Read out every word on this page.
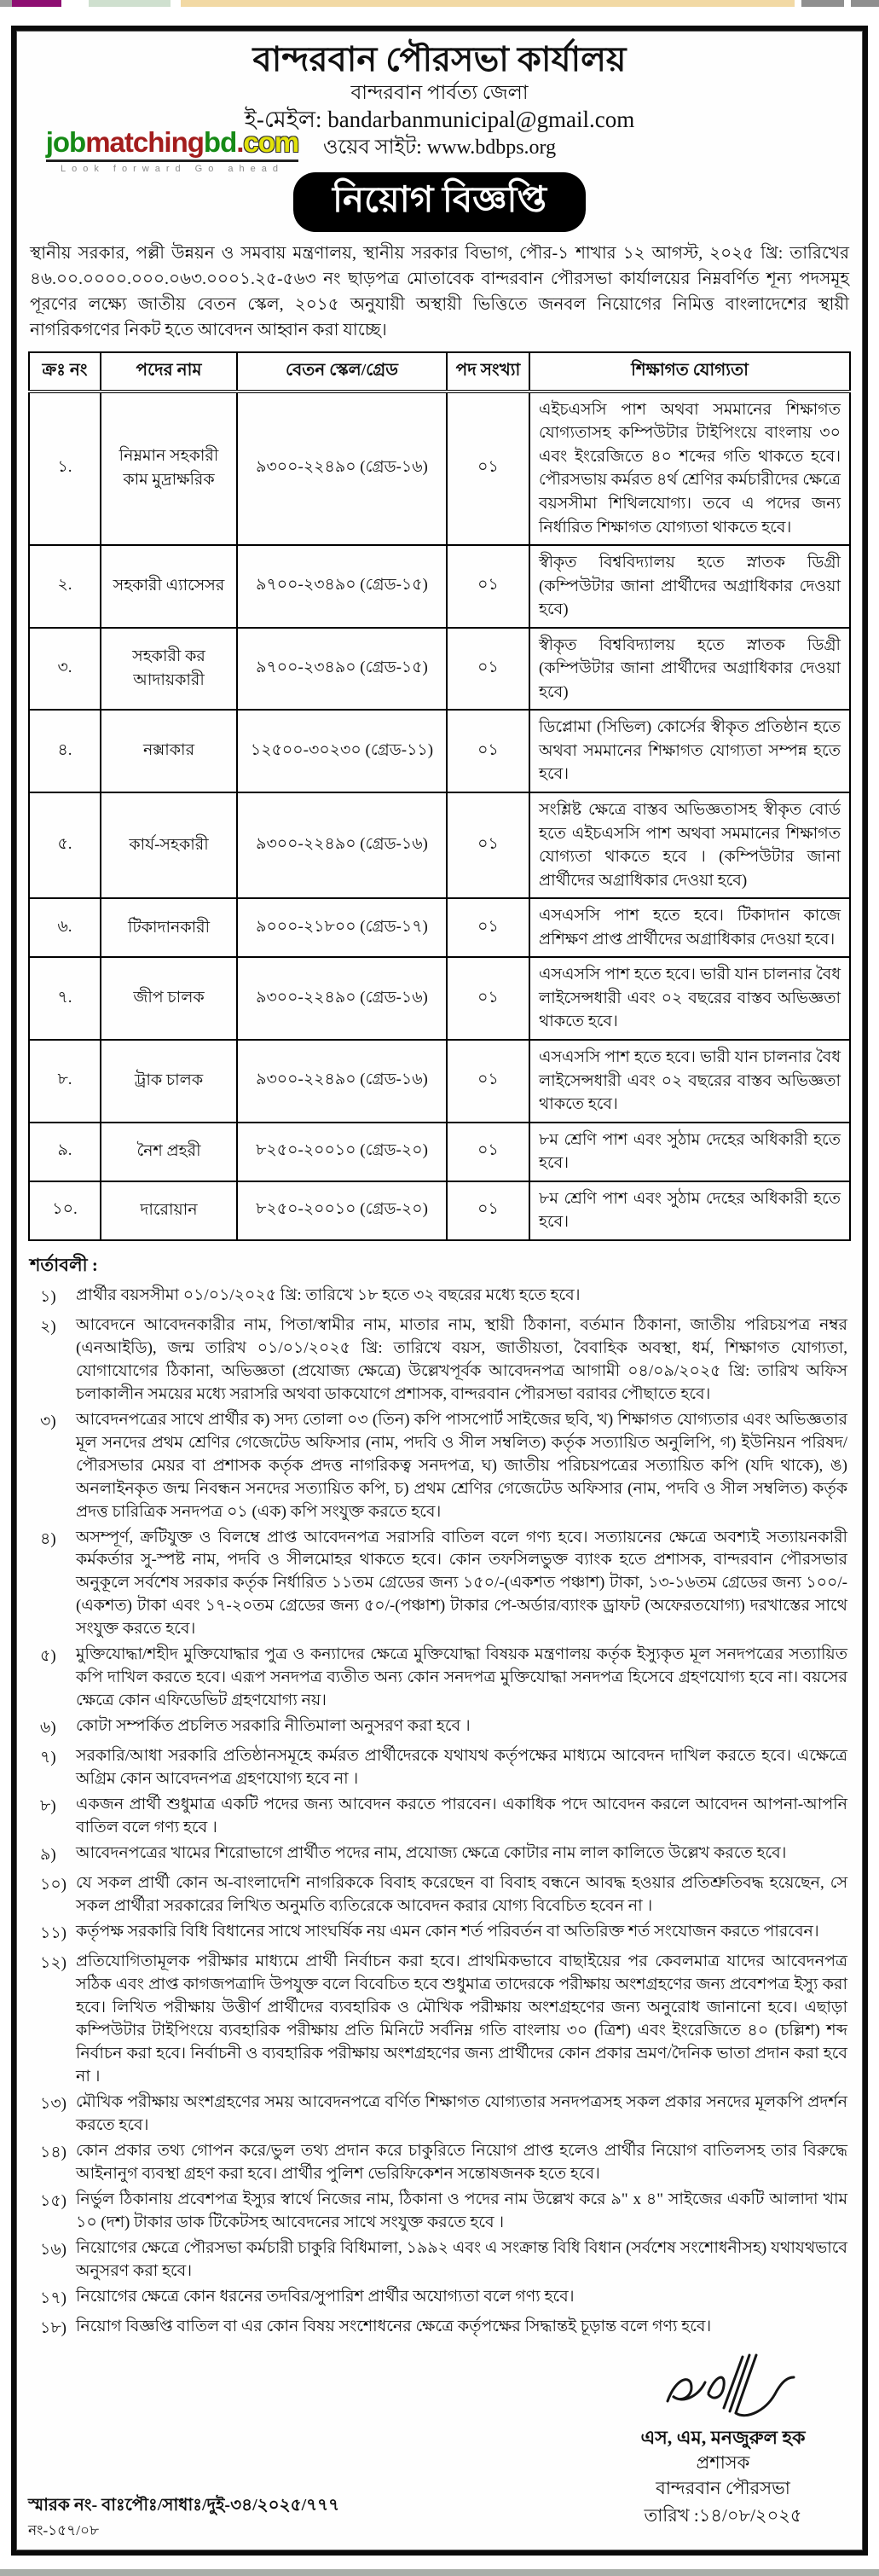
বান্দরবান পৌরসভা কার্যালয়
বান্দরবান পার্বত্য জেলা
ই-মেইল: bandarbanmunicipal@gmail.com
ওয়েব সাইট: www.bdbps.org
jobmatchingbd.com
Look forward Go ahead
নিয়োগ বিজ্ঞপ্তি

স্থানীয় সরকার, পল্লী উন্নয়ন ও সমবায় মন্ত্রণালয়, স্থানীয় সরকার বিভাগ, পৌর-১ শাখার ১২ আগস্ট, ২০২৫ খ্রি: তারিখের ৪৬.০০.০০০০.০০০.০৬৩.০০০১.২৫-৫৬৩ নং ছাড়পত্র মোতাবেক বান্দরবান পৌরসভা কার্যালয়ের নিম্নবর্ণিত শূন্য পদসমূহ পূরণের লক্ষ্যে জাতীয় বেতন স্কেল, ২০১৫ অনুযায়ী অস্থায়ী ভিত্তিতে জনবল নিয়োগের নিমিত্ত বাংলাদেশের স্থায়ী নাগরিকগণের নিকট হতে আবেদন আহ্বান করা যাচ্ছে।

ক্রঃ নং	পদের নাম	বেতন স্কেল/গ্রেড	পদ সংখ্যা	শিক্ষাগত যোগ্যতা
১.	নিম্নমান সহকারী কাম মুদ্রাক্ষরিক	৯৩০০-২২৪৯০ (গ্রেড-১৬)	০১	এইচএসসি পাশ অথবা সমমানের শিক্ষাগত যোগ্যতাসহ কম্পিউটার টাইপিংয়ে বাংলায় ৩০ এবং ইংরেজিতে ৪০ শব্দের গতি থাকতে হবে। পৌরসভায় কর্মরত ৪র্থ শ্রেণির কর্মচারীদের ক্ষেত্রে বয়সসীমা শিথিলযোগ্য। তবে এ পদের জন্য নির্ধারিত শিক্ষাগত যোগ্যতা থাকতে হবে।
২.	সহকারী এ্যাসেসর	৯৭০০-২৩৪৯০ (গ্রেড-১৫)	০১	স্বীকৃত বিশ্ববিদ্যালয় হতে স্নাতক ডিগ্রী (কম্পিউটার জানা প্রার্থীদের অগ্রাধিকার দেওয়া হবে)
৩.	সহকারী কর আদায়কারী	৯৭০০-২৩৪৯০ (গ্রেড-১৫)	০১	স্বীকৃত বিশ্ববিদ্যালয় হতে স্নাতক ডিগ্রী (কম্পিউটার জানা প্রার্থীদের অগ্রাধিকার দেওয়া হবে)
৪.	নক্সাকার	১২৫০০-৩০২৩০ (গ্রেড-১১)	০১	ডিপ্লোমা (সিভিল) কোর্সের স্বীকৃত প্রতিষ্ঠান হতে অথবা সমমানের শিক্ষাগত যোগ্যতা সম্পন্ন হতে হবে।
৫.	কার্য-সহকারী	৯৩০০-২২৪৯০ (গ্রেড-১৬)	০১	সংশ্লিষ্ট ক্ষেত্রে বাস্তব অভিজ্ঞতাসহ স্বীকৃত বোর্ড হতে এইচএসসি পাশ অথবা সমমানের শিক্ষাগত যোগ্যতা থাকতে হবে । (কম্পিউটার জানা প্রার্থীদের অগ্রাধিকার দেওয়া হবে)
৬.	টিকাদানকারী	৯০০০-২১৮০০ (গ্রেড-১৭)	০১	এসএসসি পাশ হতে হবে। টিকাদান কাজে প্রশিক্ষণ প্রাপ্ত প্রার্থীদের অগ্রাধিকার দেওয়া হবে।
৭.	জীপ চালক	৯৩০০-২২৪৯০ (গ্রেড-১৬)	০১	এসএসসি পাশ হতে হবে। ভারী যান চালনার বৈধ লাইসেন্সধারী এবং ০২ বছরের বাস্তব অভিজ্ঞতা থাকতে হবে।
৮.	ট্রাক চালক	৯৩০০-২২৪৯০ (গ্রেড-১৬)	০১	এসএসসি পাশ হতে হবে। ভারী যান চালনার বৈধ লাইসেন্সধারী এবং ০২ বছরের বাস্তব অভিজ্ঞতা থাকতে হবে।
৯.	নৈশ প্রহরী	৮২৫০-২০০১০ (গ্রেড-২০)	০১	৮ম শ্রেণি পাশ এবং সুঠাম দেহের অধিকারী হতে হবে।
১০.	দারোয়ান	৮২৫০-২০০১০ (গ্রেড-২০)	০১	৮ম শ্রেণি পাশ এবং সুঠাম দেহের অধিকারী হতে হবে।
শর্তাবলী :
১)	প্রার্থীর বয়সসীমা ০১/০১/২০২৫ খ্রি: তারিখে ১৮ হতে ৩২ বছরের মধ্যে হতে হবে।
২)	আবেদনে আবেদনকারীর নাম, পিতা/স্বামীর নাম, মাতার নাম, স্থায়ী ঠিকানা, বর্তমান ঠিকানা, জাতীয় পরিচয়পত্র নম্বর (এনআইডি), জন্ম তারিখ ০১/০১/২০২৫ খ্রি: তারিখে বয়স, জাতীয়তা, বৈবাহিক অবস্থা, ধর্ম, শিক্ষাগত যোগ্যতা, যোগাযোগের ঠিকানা, অভিজ্ঞতা (প্রযোজ্য ক্ষেত্রে) উল্লেখপূর্বক আবেদনপত্র আগামী ০৪/০৯/২০২৫ খ্রি: তারিখ অফিস চলাকালীন সময়ের মধ্যে সরাসরি অথবা ডাকযোগে প্রশাসক, বান্দরবান পৌরসভা বরাবর পৌছাতে হবে।
৩)	আবেদনপত্রের সাথে প্রার্থীর ক) সদ্য তোলা ০৩ (তিন) কপি পাসপোর্ট সাইজের ছবি, খ) শিক্ষাগত যোগ্যতার এবং অভিজ্ঞতার মূল সনদের প্রথম শ্রেণির গেজেটেড অফিসার (নাম, পদবি ও সীল সম্বলিত) কর্তৃক সত্যায়িত অনুলিপি, গ) ইউনিয়ন পরিষদ/পৌরসভার মেয়র বা প্রশাসক কর্তৃক প্রদত্ত নাগরিকত্ব সনদপত্র, ঘ) জাতীয় পরিচয়পত্রের সত্যায়িত কপি (যদি থাকে), ঙ) অনলাইনকৃত জন্ম নিবন্ধন সনদের সত্যায়িত কপি, চ) প্রথম শ্রেণির গেজেটেড অফিসার (নাম, পদবি ও সীল সম্বলিত) কর্তৃক প্রদত্ত চারিত্রিক সনদপত্র ০১ (এক) কপি সংযুক্ত করতে হবে।
৪)	অসম্পূর্ণ, ক্রটিযুক্ত ও বিলম্বে প্রাপ্ত আবেদনপত্র সরাসরি বাতিল বলে গণ্য হবে। সত্যায়নের ক্ষেত্রে অবশ্যই সত্যায়নকারী কর্মকর্তার সু-স্পষ্ট নাম, পদবি ও সীলমোহর থাকতে হবে। কোন তফসিলভুক্ত ব্যাংক হতে প্রশাসক, বান্দরবান পৌরসভার অনুকূলে সর্বশেষ সরকার কর্তৃক নির্ধারিত ১১তম গ্রেডের জন্য ১৫০/-(একশত পঞ্চাশ) টাকা, ১৩-১৬তম গ্রেডের জন্য ১০০/-(একশত) টাকা এবং ১৭-২০তম গ্রেডের জন্য ৫০/-(পঞ্চাশ) টাকার পে-অর্ডার/ব্যাংক ড্রাফট (অফেরতযোগ্য) দরখাস্তের সাথে সংযুক্ত করতে হবে।
৫)	মুক্তিযোদ্ধা/শহীদ মুক্তিযোদ্ধার পুত্র ও কন্যাদের ক্ষেত্রে মুক্তিযোদ্ধা বিষয়ক মন্ত্রণালয় কর্তৃক ইস্যুকৃত মূল সনদপত্রের সত্যায়িত কপি দাখিল করতে হবে। এরূপ সনদপত্র ব্যতীত অন্য কোন সনদপত্র মুক্তিযোদ্ধা সনদপত্র হিসেবে গ্রহণযোগ্য হবে না। বয়সের ক্ষেত্রে কোন এফিডেভিট গ্রহণযোগ্য নয়।
৬)	কোটা সম্পর্কিত প্রচলিত সরকারি নীতিমালা অনুসরণ করা হবে ।
৭)	সরকারি/আধা সরকারি প্রতিষ্ঠানসমূহে কর্মরত প্রার্থীদেরকে যথাযথ কর্তৃপক্ষের মাধ্যমে আবেদন দাখিল করতে হবে। এক্ষেত্রে অগ্রিম কোন আবেদনপত্র গ্রহণযোগ্য হবে না ।
৮)	একজন প্রার্থী শুধুমাত্র একটি পদের জন্য আবেদন করতে পারবেন। একাধিক পদে আবেদন করলে আবেদন আপনা-আপনি বাতিল বলে গণ্য হবে ।
৯)	আবেদনপত্রের খামের শিরোভাগে প্রার্থীত পদের নাম, প্রযোজ্য ক্ষেত্রে কোটার নাম লাল কালিতে উল্লেখ করতে হবে।
১০) যে সকল প্রার্থী কোন অ-বাংলাদেশি নাগরিককে বিবাহ করেছেন বা বিবাহ বন্ধনে আবদ্ধ হওয়ার প্রতিশ্রুতিবদ্ধ হয়েছেন, সে সকল প্রার্থীরা সরকারের লিখিত অনুমতি ব্যতিরেকে আবেদন করার যোগ্য বিবেচিত হবেন না ।
১১) কর্তৃপক্ষ সরকারি বিধি বিধানের সাথে সাংঘর্ষিক নয় এমন কোন শর্ত পরিবর্তন বা অতিরিক্ত শর্ত সংযোজন করতে পারবেন।
১২) প্রতিযোগিতামূলক পরীক্ষার মাধ্যমে প্রার্থী নির্বাচন করা হবে। প্রাথমিকভাবে বাছাইয়ের পর কেবলমাত্র যাদের আবেদনপত্র সঠিক এবং প্রাপ্ত কাগজপত্রাদি উপযুক্ত বলে বিবেচিত হবে শুধুমাত্র তাদেরকে পরীক্ষায় অংশগ্রহণের জন্য প্রবেশপত্র ইস্যু করা হবে। লিখিত পরীক্ষায় উত্তীর্ণ প্রার্থীদের ব্যবহারিক ও মৌখিক পরীক্ষায় অংশগ্রহণের জন্য অনুরোধ জানানো হবে। এছাড়া কম্পিউটার টাইপিংয়ে ব্যবহারিক পরীক্ষায় প্রতি মিনিটে সর্বনিম্ন গতি বাংলায় ৩০ (ত্রিশ) এবং ইংরেজিতে ৪০ (চল্লিশ) শব্দ নির্বাচন করা হবে। নির্বাচনী ও ব্যবহারিক পরীক্ষায় অংশগ্রহণের জন্য প্রার্থীদের কোন প্রকার ভ্রমণ/দৈনিক ভাতা প্রদান করা হবে না ।
১৩) মৌখিক পরীক্ষায় অংশগ্রহণের সময় আবেদনপত্রে বর্ণিত শিক্ষাগত যোগ্যতার সনদপত্রসহ সকল প্রকার সনদের মূলকপি প্রদর্শন করতে হবে।
১৪) কোন প্রকার তথ্য গোপন করে/ভুল তথ্য প্রদান করে চাকুরিতে নিয়োগ প্রাপ্ত হলেও প্রার্থীর নিয়োগ বাতিলসহ তার বিরুদ্ধে আইনানুগ ব্যবস্থা গ্রহণ করা হবে। প্রার্থীর পুলিশ ভেরিফিকেশন সন্তোষজনক হতে হবে।
১৫) নির্ভুল ঠিকানায় প্রবেশপত্র ইস্যুর স্বার্থে নিজের নাম, ঠিকানা ও পদের নাম উল্লেখ করে ৯" x ৪" সাইজের একটি আলাদা খাম ১০ (দশ) টাকার ডাক টিকেটসহ আবেদনের সাথে সংযুক্ত করতে হবে ।
১৬) নিয়োগের ক্ষেত্রে পৌরসভা কর্মচারী চাকুরি বিধিমালা, ১৯৯২ এবং এ সংক্রান্ত বিধি বিধান (সর্বশেষ সংশোধনীসহ) যথাযথভাবে অনুসরণ করা হবে।
১৭) নিয়োগের ক্ষেত্রে কোন ধরনের তদবির/সুপারিশ প্রার্থীর অযোগ্যতা বলে গণ্য হবে।
১৮) নিয়োগ বিজ্ঞপ্তি বাতিল বা এর কোন বিষয় সংশোধনের ক্ষেত্রে কর্তৃপক্ষের সিদ্ধান্তই চূড়ান্ত বলে গণ্য হবে।
স্মারক নং- বাঃপৌঃ/সাধাঃ/দুই-৩৪/২০২৫/৭৭৭
নং-১৫৭/০৮
এস, এম, মনজুরুল হক
প্রশাসক
বান্দরবান পৌরসভা
তারিখ :১৪/০৮/২০২৫
